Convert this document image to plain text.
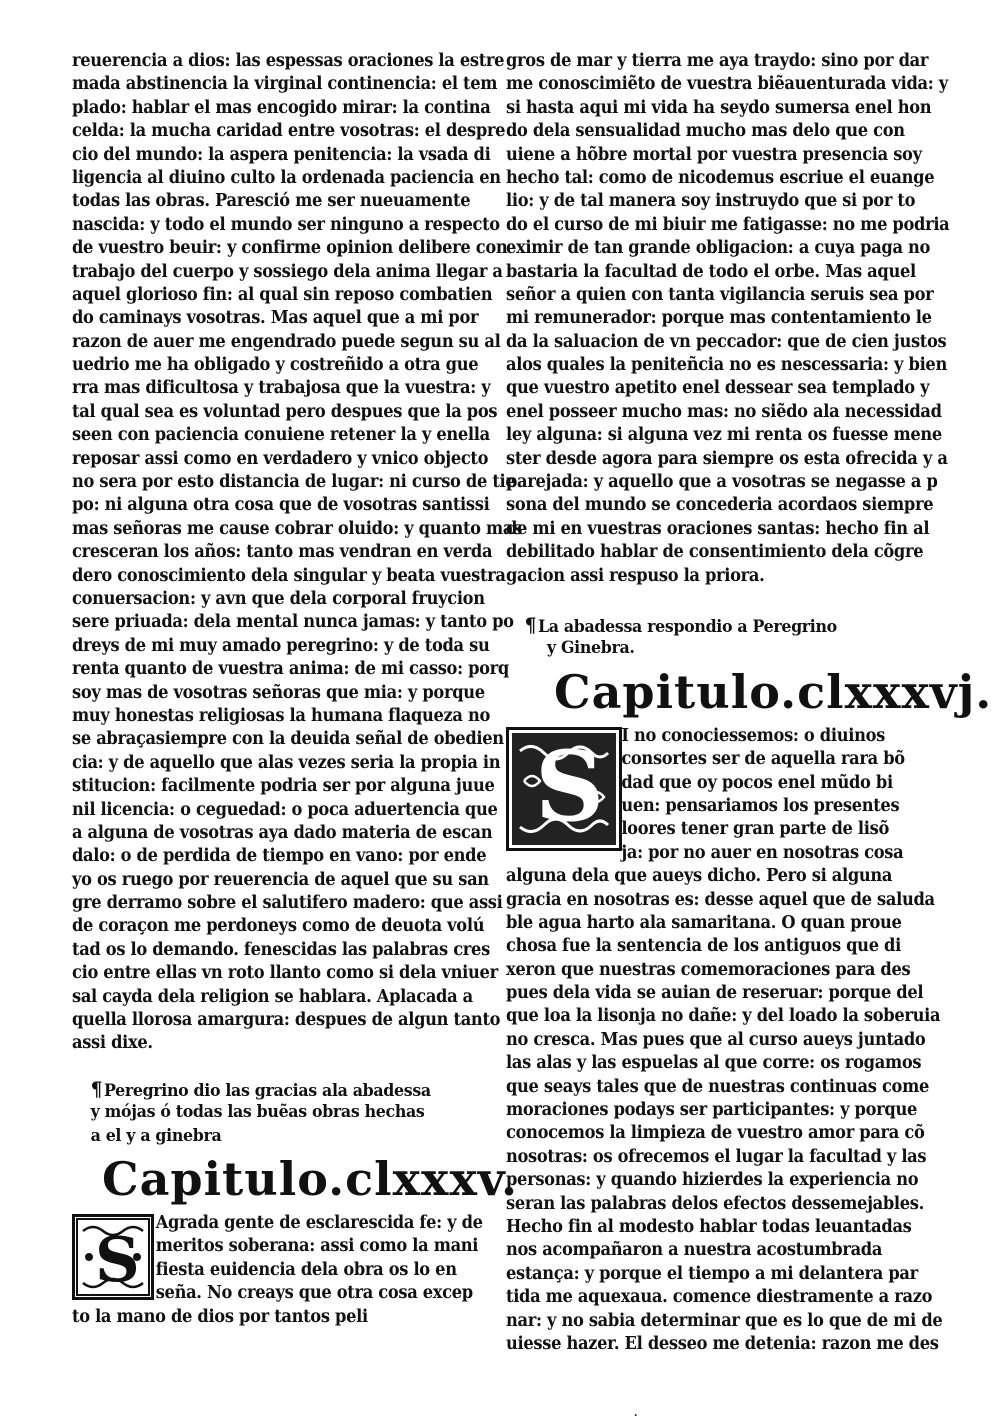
reuerencia a dios: las espessas oraciones la estre
mada abstinencia la virginal continencia: el tem
plado: hablar el mas encogido mirar: la contina
celda: la mucha caridad entre vosotras: el despre
cio del mundo: la aspera penitencia: la vsada di
ligencia al diuino culto la ordenada paciencia en
todas las obras. Paresció me ser nueuamente
nascida: y todo el mundo ser ninguno a respecto
de vuestro beuir: y confirme opinion delibere con
trabajo del cuerpo y sossiego dela anima llegar a
aquel glorioso fin: al qual sin reposo combatien
do caminays vosotras. Mas aquel que a mi por
razon de auer me engendrado puede segun su al
uedrio me ha obligado y costreñido a otra gue
rra mas dificultosa y trabajosa que la vuestra: y
tal qual sea es voluntad pero despues que la pos
seen con paciencia conuiene retener la y enella
reposar assi como en verdadero y vnico objecto
no sera por esto distancia de lugar: ni curso de tie
po: ni alguna otra cosa que de vosotras santissi
mas señoras me cause cobrar oluido: y quanto mas
cresceran los años: tanto mas vendran en verda
dero conoscimiento dela singular y beata vuestra
conuersacion: y avn que dela corporal fruycion
sere priuada: dela mental nunca jamas: y tanto po
dreys de mi muy amado peregrino: y de toda su
renta quanto de vuestra anima: de mi casso: porq
soy mas de vosotras señoras que mia: y porque
muy honestas religiosas la humana flaqueza no
se abraçasiempre con la deuida señal de obedien
cia: y de aquello que alas vezes seria la propia in
stitucion: facilmente podria ser por alguna juue
nil licencia: o ceguedad: o poca aduertencia que
a alguna de vosotras aya dado materia de escan
dalo: o de perdida de tiempo en vano: por ende
yo os ruego por reuerencia de aquel que su san
gre derramo sobre el salutifero madero: que assi
de coraçon me perdoneys como de deuota volú
tad os lo demando. fenescidas las palabras cres
cio entre ellas vn roto llanto como si dela vniuer
sal cayda dela religion se hablara. Aplacada a
quella llorosa amargura: despues de algun tanto
assi dixe.
¶ Peregrino dio las gracias ala abadessa
y mójas ó todas las buẽas obras hechas
a el y a ginebra
Capitulo.clxxxv.
S Agrada gente de esclarescida fe: y de
meritos soberana: assi como la mani
fiesta euidencia dela obra os lo en
seña. No creays que otra cosa excep
to la mano de dios por tantos peli
gros de mar y tierra me aya traydo: sino por dar
me conoscimiẽto de vuestra biẽauenturada vida: y
si hasta aqui mi vida ha seydo sumersa enel hon
do dela sensualidad mucho mas delo que con
uiene a hõbre mortal por vuestra presencia soy
hecho tal: como de nicodemus escriue el euange
lio: y de tal manera soy instruydo que si por to
do el curso de mi biuir me fatigasse: no me podria
eximir de tan grande obligacion: a cuya paga no
bastaria la facultad de todo el orbe. Mas aquel
señor a quien con tanta vigilancia seruis sea por
mi remunerador: porque mas contentamiento le
da la saluacion de vn peccador: que de cien justos
alos quales la peniteñcia no es nescessaria: y bien
que vuestro apetito enel dessear sea templado y
enel posseer mucho mas: no siẽdo ala necessidad
ley alguna: si alguna vez mi renta os fuesse mene
ster desde agora para siempre os esta ofrecida y a
parejada: y aquello que a vosotras se negasse a p
sona del mundo se concederia acordaos siempre
de mi en vuestras oraciones santas: hecho fin al
debilitado hablar de consentimiento dela cõgre
gacion assi respuso la priora.
¶ La abadessa respondio a Peregrino
y Ginebra.
Capitulo.clxxxvj.
S I no conociessemos: o diuinos
consortes ser de aquella rara bõ
dad que oy pocos enel mũdo bi
uen: pensariamos los presentes
loores tener gran parte de lisõ
ja: por no auer en nosotras cosa
alguna dela que aueys dicho. Pero si alguna
gracia en nosotras es: desse aquel que de saluda
ble agua harto ala samaritana. O quan proue
chosa fue la sentencia de los antiguos que di
xeron que nuestras comemoraciones para des
pues dela vida se auian de reseruar: porque del
que loa la lisonja no dañe: y del loado la soberuia
no cresca. Mas pues que al curso aueys juntado
las alas y las espuelas al que corre: os rogamos
que seays tales que de nuestras continuas come
moraciones podays ser participantes: y porque
conocemos la limpieza de vuestro amor para cõ
nosotras: os ofrecemos el lugar la facultad y las
personas: y quando hizierdes la experiencia no
seran las palabras delos efectos dessemejables.
Hecho fin al modesto hablar todas leuantadas
nos acompañaron a nuestra acostumbrada
estança: y porque el tiempo a mi delantera par
tida me aquexaua. comence diestramente a razo
nar: y no sabia determinar que es lo que de mi de
uiesse hazer. El desseo me detenia: razon me des
.
